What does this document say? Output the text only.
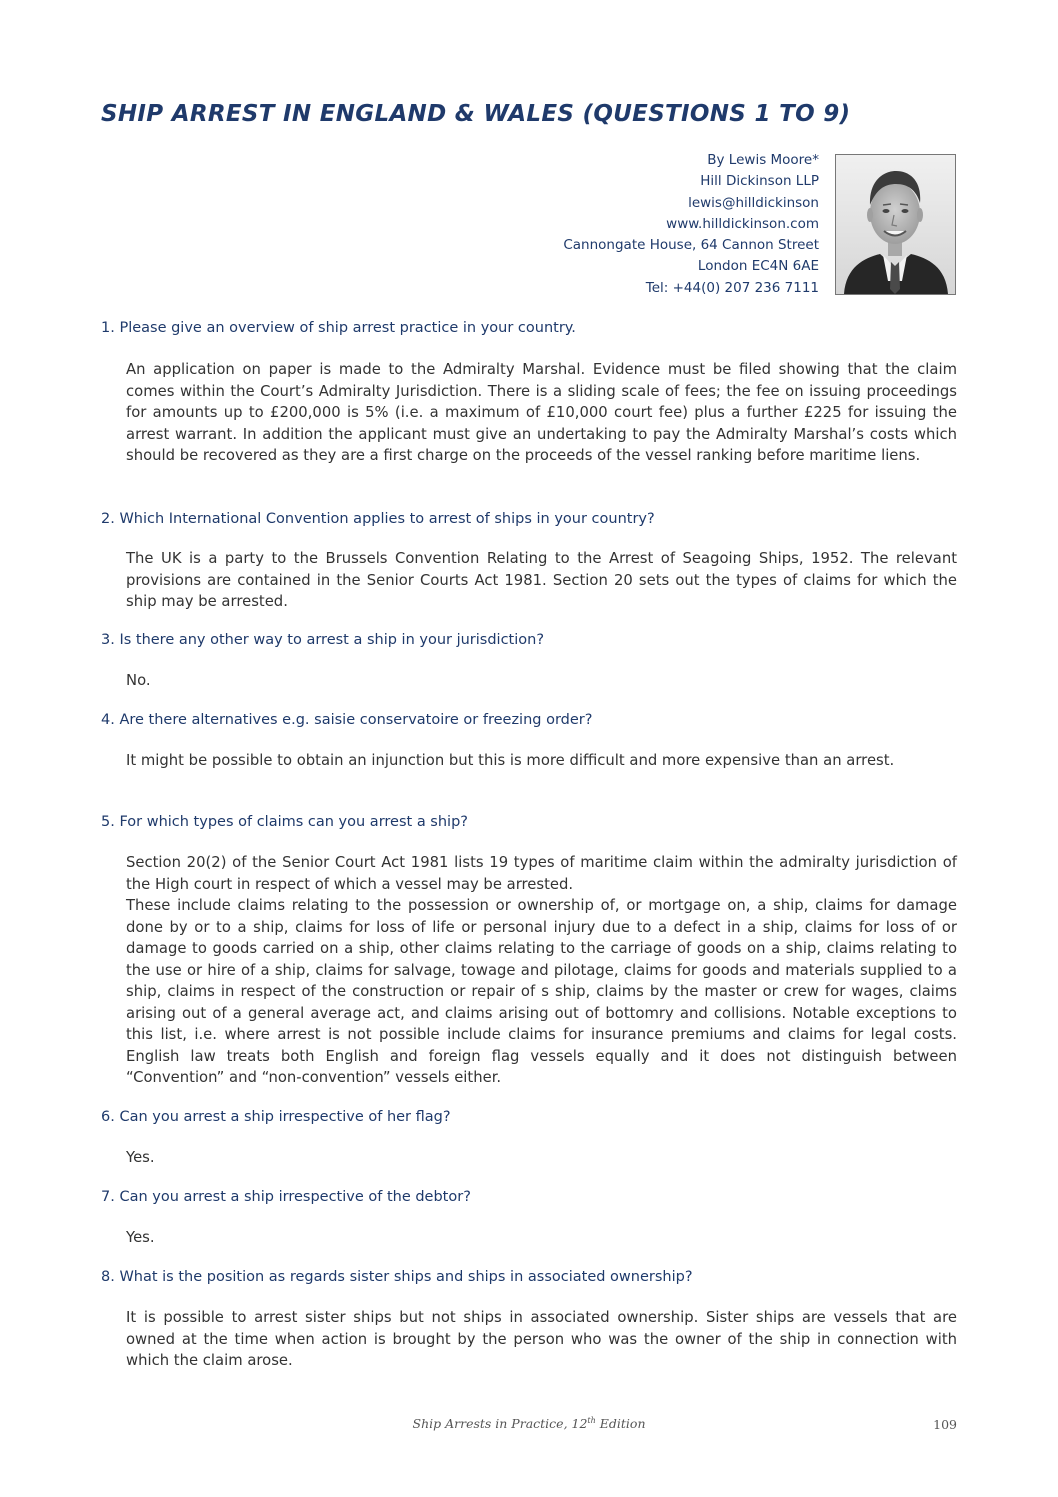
SHIP ARREST IN ENGLAND & WALES (QUESTIONS 1 TO 9)
By Lewis Moore*
Hill Dickinson LLP
lewis@hilldickinson
www.hilldickinson.com
Cannongate House, 64 Cannon Street
London EC4N 6AE
Tel: +44(0) 207 236 7111

1. Please give an overview of ship arrest practice in your country.

An application on paper is made to the Admiralty Marshal. Evidence must be filed showing that the claim comes within the Court’s Admiralty Jurisdiction. There is a sliding scale of fees; the fee on issuing proceedings for amounts up to £200,000 is 5% (i.e. a maximum of £10,000 court fee) plus a further £225 for issuing the arrest warrant. In addition the applicant must give an undertaking to pay the Admiralty Marshal’s costs which should be recovered as they are a first charge on the proceeds of the vessel ranking before maritime liens.

2. Which International Convention applies to arrest of ships in your country?

The UK is a party to the Brussels Convention Relating to the Arrest of Seagoing Ships, 1952. The relevant provisions are contained in the Senior Courts Act 1981. Section 20 sets out the types of claims for which the ship may be arrested.

3. Is there any other way to arrest a ship in your jurisdiction?

No.

4. Are there alternatives e.g. saisie conservatoire or freezing order?

It might be possible to obtain an injunction but this is more difficult and more expensive than an arrest.

5. For which types of claims can you arrest a ship?

Section 20(2) of the Senior Court Act 1981 lists 19 types of maritime claim within the admiralty jurisdiction of the High court in respect of which a vessel may be arrested.

These include claims relating to the possession or ownership of, or mortgage on, a ship, claims for damage done by or to a ship, claims for loss of life or personal injury due to a defect in a ship, claims for loss of or damage to goods carried on a ship, other claims relating to the carriage of goods on a ship, claims relating to the use or hire of a ship, claims for salvage, towage and pilotage, claims for goods and materials supplied to a ship, claims in respect of the construction or repair of s ship, claims by the master or crew for wages, claims arising out of a general average act, and claims arising out of bottomry and collisions. Notable exceptions to this list, i.e. where arrest is not possible include claims for insurance premiums and claims for legal costs. English law treats both English and foreign flag vessels equally and it does not distinguish between “Convention” and “non-convention” vessels either.

6. Can you arrest a ship irrespective of her flag?

Yes.

7. Can you arrest a ship irrespective of the debtor?

Yes.

8. What is the position as regards sister ships and ships in associated ownership?

It is possible to arrest sister ships but not ships in associated ownership. Sister ships are vessels that are owned at the time when action is brought by the person who was the owner of the ship in connection with which the claim arose.

Ship Arrests in Practice, 12th Edition	109
